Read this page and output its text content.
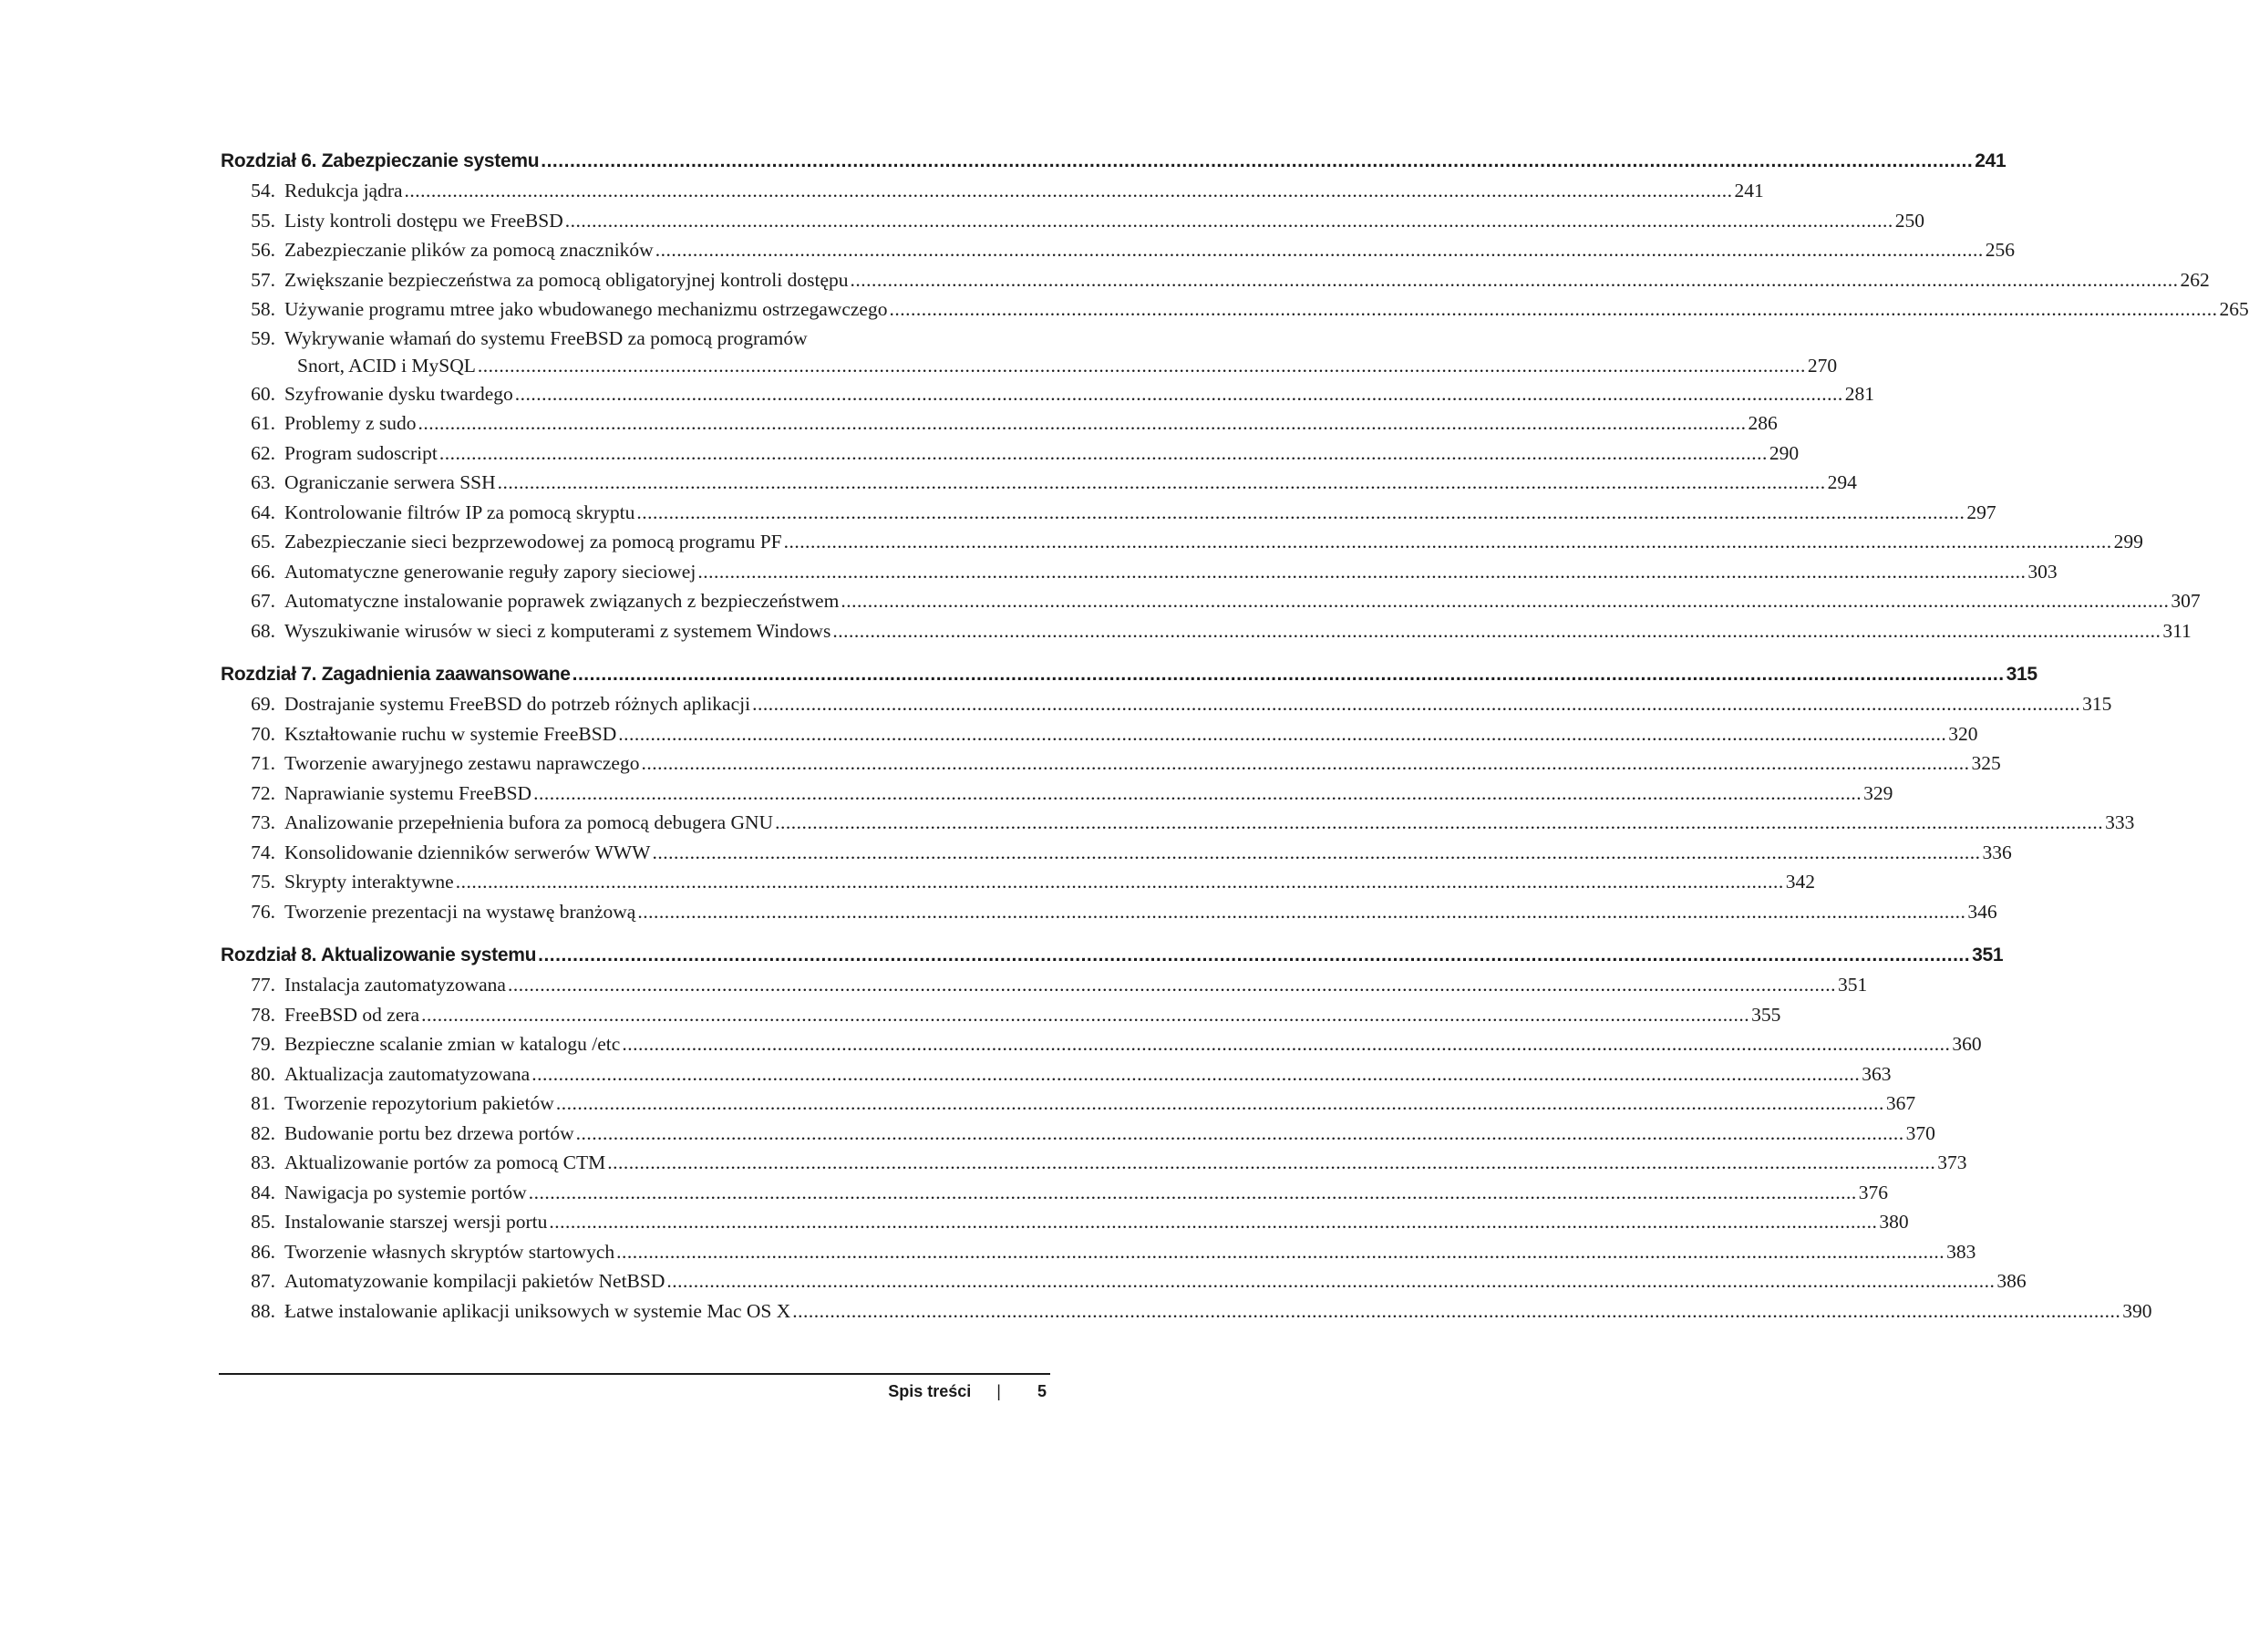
Rozdział 6. Zabezpieczanie systemu .....	241
54. Redukcja jądra .....	241
55. Listy kontroli dostępu we FreeBSD .....	250
56. Zabezpieczanie plików za pomocą znaczników .....	256
57. Zwiększanie bezpieczeństwa za pomocą obligatoryjnej kontroli dostępu .....	262
58. Używanie programu mtree jako wbudowanego mechanizmu ostrzegawczego .....	265
59. Wykrywanie włamań do systemu FreeBSD za pomocą programów
Snort, ACID i MySQL .....	270
60. Szyfrowanie dysku twardego .....	281
61. Problemy z sudo .....	286
62. Program sudoscript .....	290
63. Ograniczanie serwera SSH .....	294
64. Kontrolowanie filtrów IP za pomocą skryptu .....	297
65. Zabezpieczanie sieci bezprzewodowej za pomocą programu PF .....	299
66. Automatyczne generowanie reguły zapory sieciowej .....	303
67. Automatyczne instalowanie poprawek związanych z bezpieczeństwem .....	307
68. Wyszukiwanie wirusów w sieci z komputerami z systemem Windows .....	311
Rozdział 7. Zagadnienia zaawansowane .....	315
69. Dostrajanie systemu FreeBSD do potrzeb różnych aplikacji .....	315
70. Kształtowanie ruchu w systemie FreeBSD .....	320
71. Tworzenie awaryjnego zestawu naprawczego .....	325
72. Naprawianie systemu FreeBSD .....	329
73. Analizowanie przepełnienia bufora za pomocą debugera GNU .....	333
74. Konsolidowanie dzienników serwerów WWW .....	336
75. Skrypty interaktywne .....	342
76. Tworzenie prezentacji na wystawę branżową .....	346
Rozdział 8. Aktualizowanie systemu .....	351
77. Instalacja zautomatyzowana .....	351
78. FreeBSD od zera .....	355
79. Bezpieczne scalanie zmian w katalogu /etc .....	360
80. Aktualizacja zautomatyzowana .....	363
81. Tworzenie repozytorium pakietów .....	367
82. Budowanie portu bez drzewa portów .....	370
83. Aktualizowanie portów za pomocą CTM .....	373
84. Nawigacja po systemie portów .....	376
85. Instalowanie starszej wersji portu .....	380
86. Tworzenie własnych skryptów startowych .....	383
87. Automatyzowanie kompilacji pakietów NetBSD .....	386
88. Łatwe instalowanie aplikacji uniksowych w systemie Mac OS X .....	390
Spis treści | 5
